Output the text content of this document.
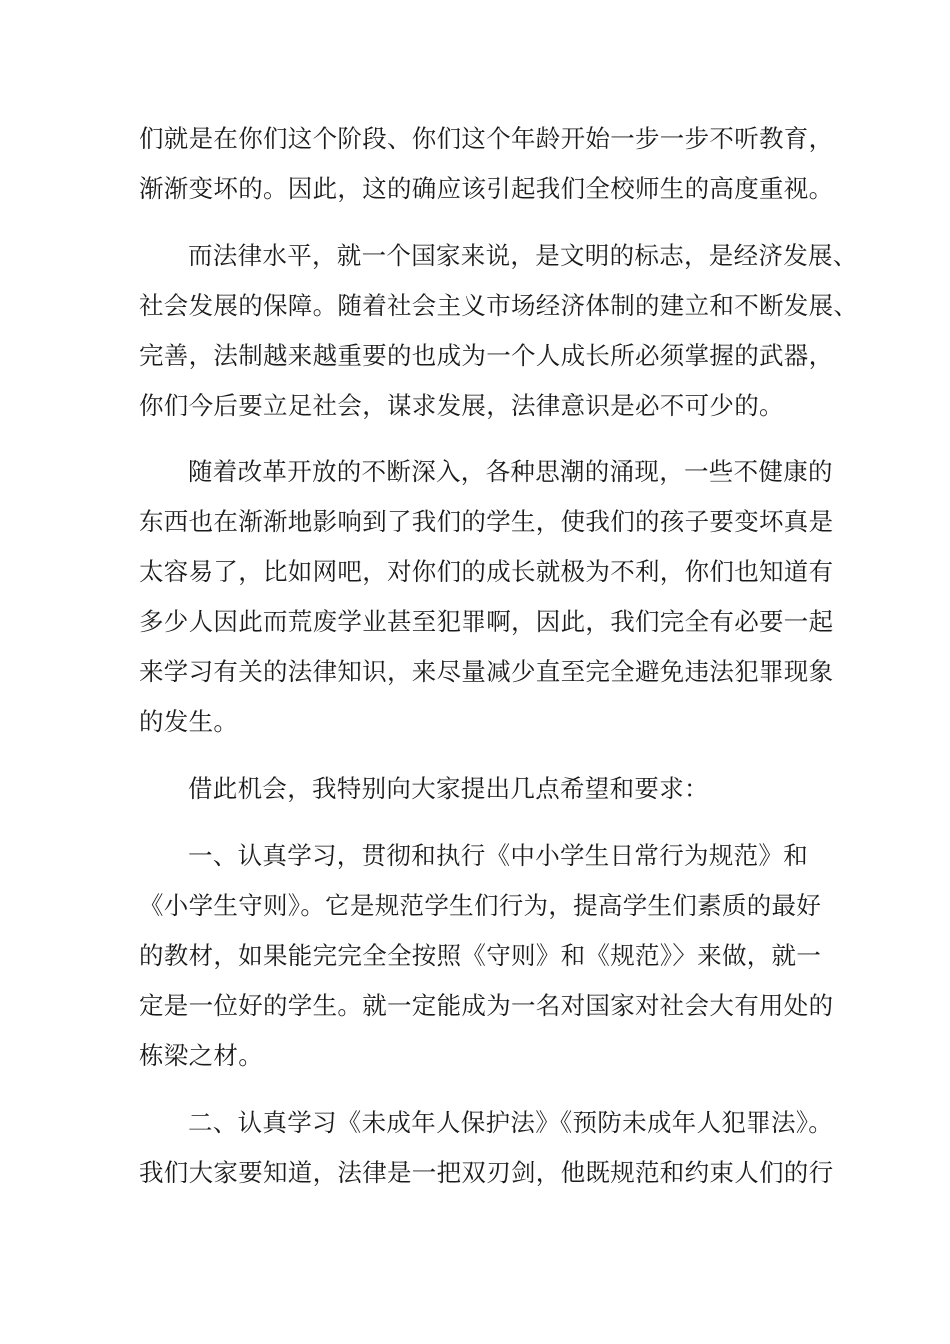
们就是在你们这个阶段、你们这个年龄开始一步一步不听教育，
渐渐变坏的。因此，这的确应该引起我们全校师生的高度重视。
而法律水平，就一个国家来说，是文明的标志，是经济发展、
社会发展的保障。随着社会主义市场经济体制的建立和不断发展、
完善，法制越来越重要的也成为一个人成长所必须掌握的武器，
你们今后要立足社会，谋求发展，法律意识是必不可少的。
随着改革开放的不断深入，各种思潮的涌现，一些不健康的
东西也在渐渐地影响到了我们的学生，使我们的孩子要变坏真是
太容易了，比如网吧，对你们的成长就极为不利，你们也知道有
多少人因此而荒废学业甚至犯罪啊，因此，我们完全有必要一起
来学习有关的法律知识，来尽量减少直至完全避免违法犯罪现象
的发生。
借此机会，我特别向大家提出几点希望和要求：
一、认真学习，贯彻和执行《中小学生日常行为规范》和
《小学生守则》。它是规范学生们行为，提高学生们素质的最好
的教材，如果能完完全全按照《守则》和《规范》〉来做，就一
定是一位好的学生。就一定能成为一名对国家对社会大有用处的
栋梁之材。
二、认真学习《未成年人保护法》《预防未成年人犯罪法》。
我们大家要知道，法律是一把双刃剑，他既规范和约束人们的行
